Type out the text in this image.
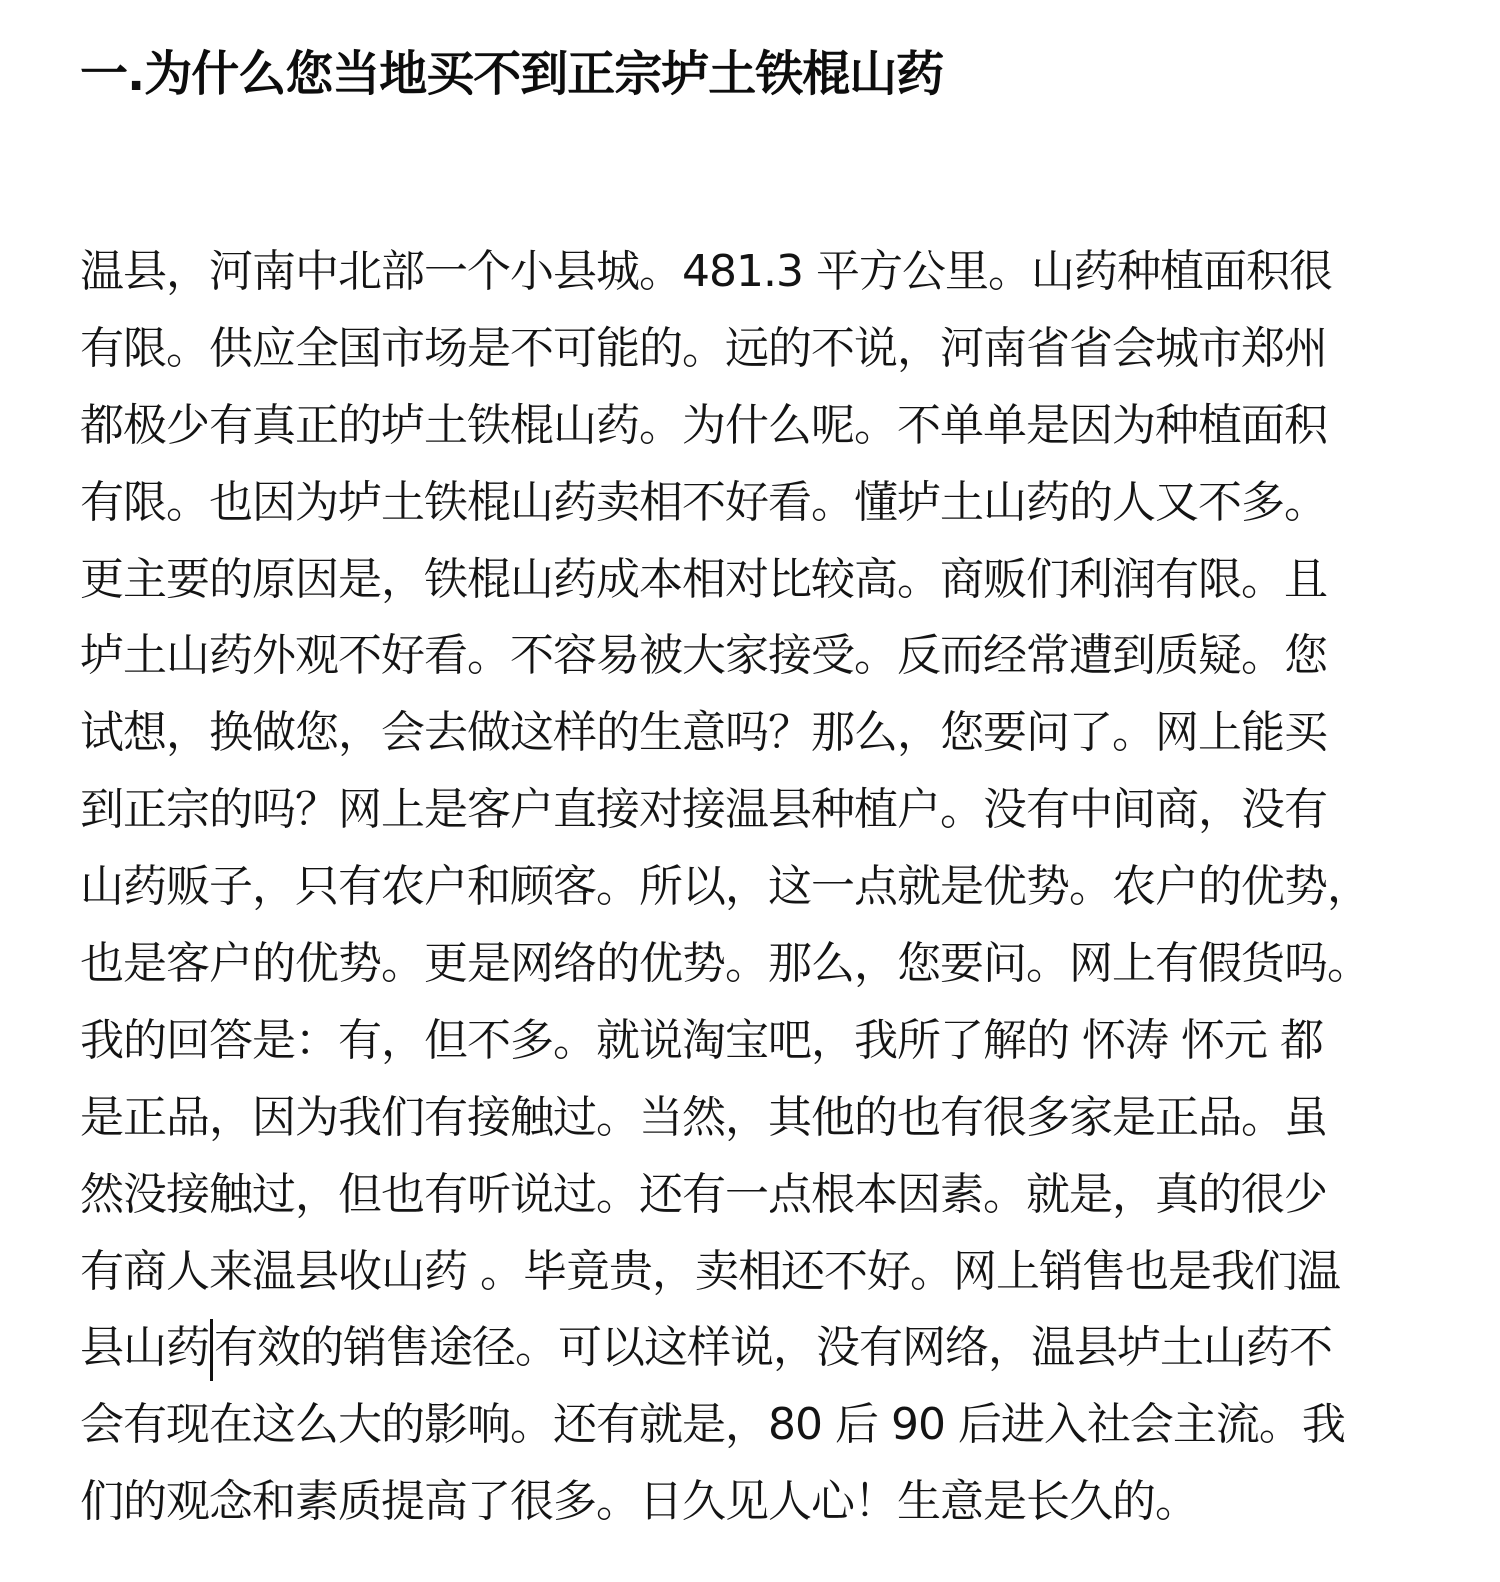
一.为什么您当地买不到正宗垆土铁棍山药
温县，河南中北部一个小县城。481.3 平方公里。山药种植面积很
有限。供应全国市场是不可能的。远的不说，河南省省会城市郑州
都极少有真正的垆土铁棍山药。为什么呢。不单单是因为种植面积
有限。也因为垆土铁棍山药卖相不好看。懂垆土山药的人又不多。
更主要的原因是，铁棍山药成本相对比较高。商贩们利润有限。且
垆土山药外观不好看。不容易被大家接受。反而经常遭到质疑。您
试想，换做您，会去做这样的生意吗？那么，您要问了。网上能买
到正宗的吗？网上是客户直接对接温县种植户。没有中间商，没有
山药贩子，只有农户和顾客。所以，这一点就是优势。农户的优势，
也是客户的优势。更是网络的优势。那么，您要问。网上有假货吗。
我的回答是：有，但不多。就说淘宝吧，我所了解的 怀涛 怀元 都
是正品，因为我们有接触过。当然，其他的也有很多家是正品。虽
然没接触过，但也有听说过。还有一点根本因素。就是，真的很少
有商人来温县收山药 。毕竟贵，卖相还不好。网上销售也是我们温
县山药 有效的销售途径。可以这样说，没有网络，温县垆土山药不
会有现在这么大的影响。还有就是，80 后 90 后进入社会主流。我
们的观念和素质提高了很多。日久见人心！生意是长久的。
